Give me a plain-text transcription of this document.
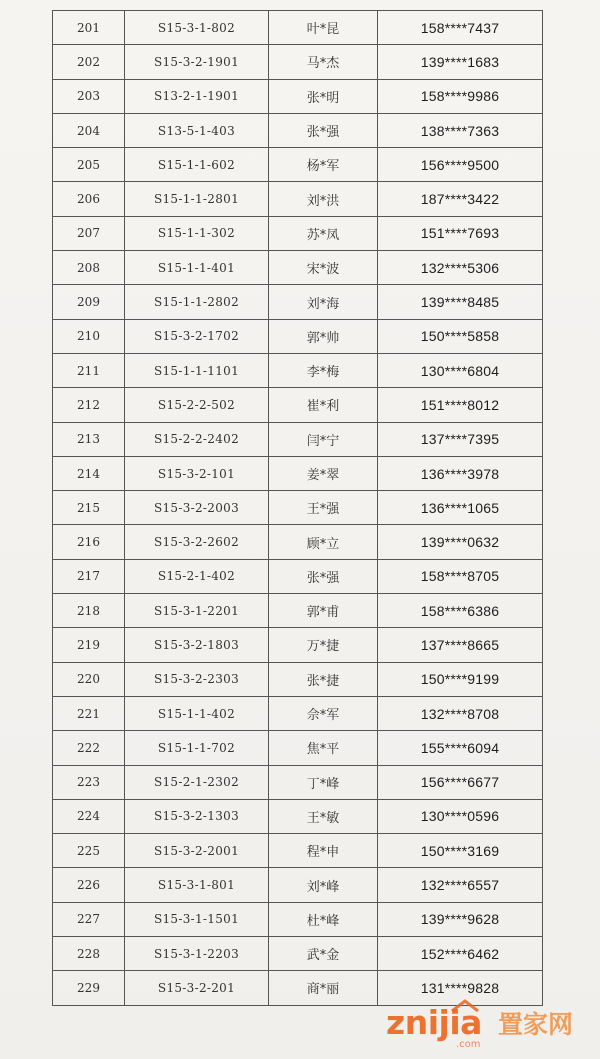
201	S15-3-1-802	叶*昆	158****7437
202	S15-3-2-1901	马*杰	139****1683
203	S13-2-1-1901	张*明	158****9986
204	S13-5-1-403	张*强	138****7363
205	S15-1-1-602	杨*军	156****9500
206	S15-1-1-2801	刘*洪	187****3422
207	S15-1-1-302	苏*凤	151****7693
208	S15-1-1-401	宋*波	132****5306
209	S15-1-1-2802	刘*海	139****8485
210	S15-3-2-1702	郭*帅	150****5858
211	S15-1-1-1101	李*梅	130****6804
212	S15-2-2-502	崔*利	151****8012
213	S15-2-2-2402	闫*宁	137****7395
214	S15-3-2-101	姜*翠	136****3978
215	S15-3-2-2003	王*强	136****1065
216	S15-3-2-2602	顾*立	139****0632
217	S15-2-1-402	张*强	158****8705
218	S15-3-1-2201	郭*甫	158****6386
219	S15-3-2-1803	万*捷	137****8665
220	S15-3-2-2303	张*捷	150****9199
221	S15-1-1-402	佘*军	132****8708
222	S15-1-1-702	焦*平	155****6094
223	S15-2-1-2302	丁*峰	156****6677
224	S15-3-2-1303	王*敏	130****0596
225	S15-3-2-2001	程*申	150****3169
226	S15-3-1-801	刘*峰	132****6557
227	S15-3-1-1501	杜*峰	139****9628
228	S15-3-1-2203	武*金	152****6462
229	S15-3-2-201	商*丽	131****9828
znijia 置家网
.com
